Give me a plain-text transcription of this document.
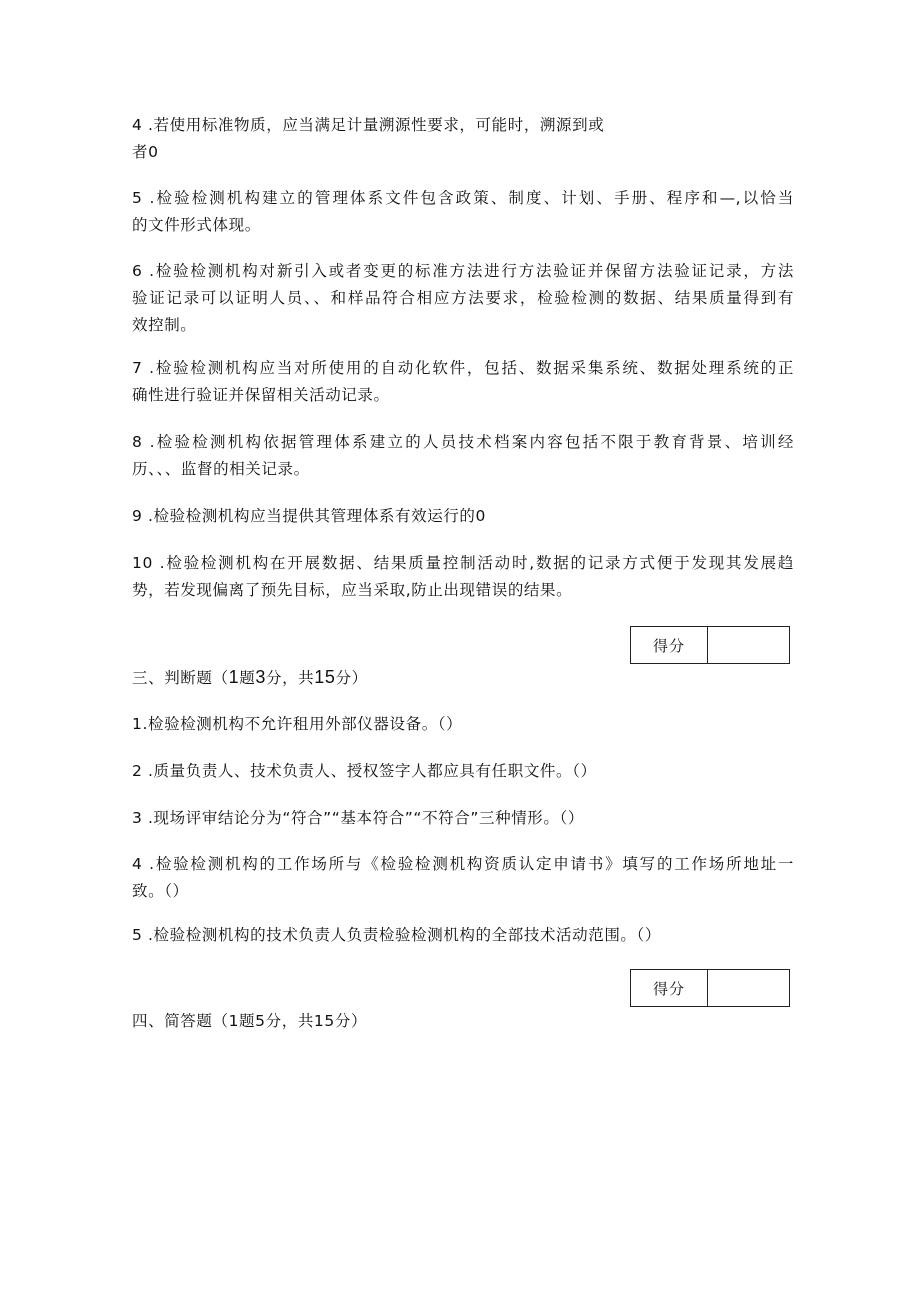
4 .若使用标准物质，应当满足计量溯源性要求，可能时，溯源到或
者0

5 .检验检测机构建立的管理体系文件包含政策、制度、计划、手册、程序和—,以恰当
的文件形式体现。

6 .检验检测机构对新引入或者变更的标准方法进行方法验证并保留方法验证记录，方法
验证记录可以证明人员、、和样品符合相应方法要求，检验检测的数据、结果质量得到有
效控制。

7 .检验检测机构应当对所使用的自动化软件，包括、数据采集系统、数据处理系统的正
确性进行验证并保留相关活动记录。

8 .检验检测机构依据管理体系建立的人员技术档案内容包括不限于教育背景、培训经
历、、、监督的相关记录。

9 .检验检测机构应当提供其管理体系有效运行的0

10 .检验检测机构在开展数据、结果质量控制活动时,数据的记录方式便于发现其发展趋
势，若发现偏离了预先目标，应当采取,防止出现错误的结果。

得分

三、判断题（1题3分，共15分）

1.检验检测机构不允许租用外部仪器设备。（）

2 .质量负责人、技术负责人、授权签字人都应具有任职文件。（）

3 .现场评审结论分为“符合”“基本符合”“不符合”三种情形。（）

4 .检验检测机构的工作场所与《检验检测机构资质认定申请书》填写的工作场所地址一
致。（）

5 .检验检测机构的技术负责人负责检验检测机构的全部技术活动范围。（）

得分

四、简答题（1题5分，共15分）
